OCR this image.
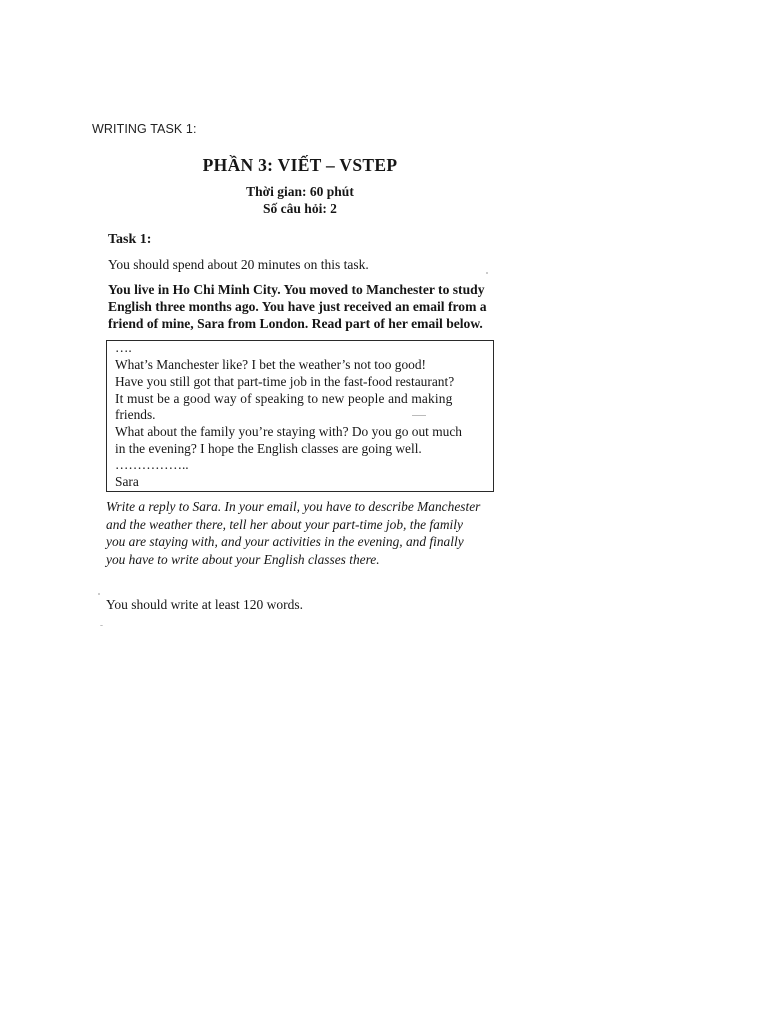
WRITING TASK 1:
PHẦN 3: VIẾT – VSTEP
Thời gian: 60 phút
Số câu hỏi: 2
Task 1:
You should spend about 20 minutes on this task.
You live in Ho Chi Minh City. You moved to Manchester to study
English three months ago. You have just received an email from a
friend of mine, Sara from London. Read part of her email below.
….
What’s Manchester like? I bet the weather’s not too good!
Have you still got that part-time job in the fast-food restaurant?
It must be a good way of speaking to new people and making
friends.
What about the family you’re staying with? Do you go out much
in the evening? I hope the English classes are going well.
……………..
Sara
Write a reply to Sara. In your email, you have to describe Manchester
and the weather there, tell her about your part-time job, the family
you are staying with, and your activities in the evening, and finally
you have to write about your English classes there.
You should write at least 120 words.
